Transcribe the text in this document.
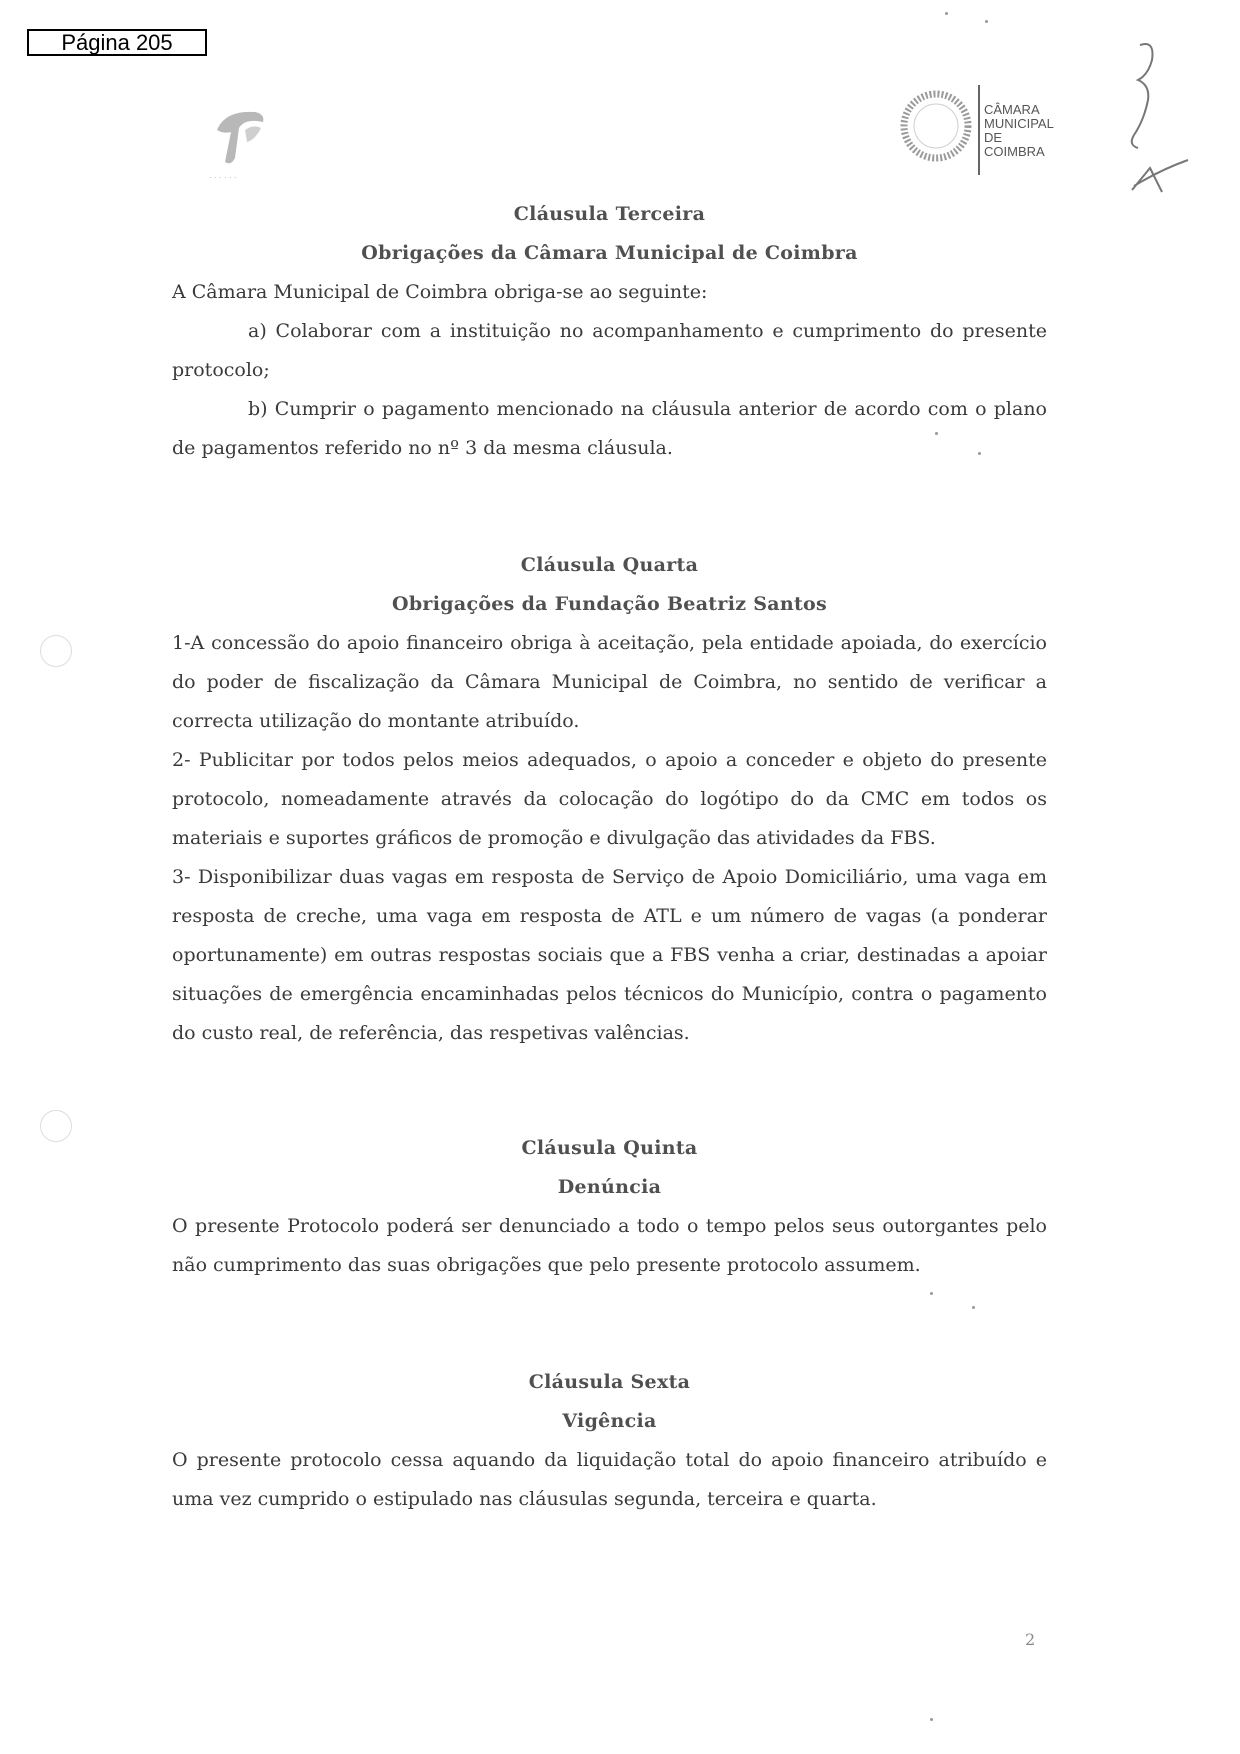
Página 205
. . . . . .
CÂMARA
MUNICIPAL
DE
COIMBRA
Cláusula Terceira
Obrigações da Câmara Municipal de Coimbra

A Câmara Municipal de Coimbra obriga-se ao seguinte:

a) Colaborar com a instituição no acompanhamento e cumprimento do presente protocolo;

b) Cumprir o pagamento mencionado na cláusula anterior de acordo com o plano de pagamentos referido no nº 3 da mesma cláusula.

Cláusula Quarta
Obrigações da Fundação Beatriz Santos

1-A concessão do apoio financeiro obriga à aceitação, pela entidade apoiada, do exercício do poder de fiscalização da Câmara Municipal de Coimbra, no sentido de verificar a correcta utilização do montante atribuído.

2- Publicitar por todos pelos meios adequados, o apoio a conceder e objeto do presente protocolo, nomeadamente através da colocação do logótipo do da CMC em todos os materiais e suportes gráficos de promoção e divulgação das atividades da FBS.

3- Disponibilizar duas vagas em resposta de Serviço de Apoio Domiciliário, uma vaga em resposta de creche, uma vaga em resposta de ATL e um número de vagas (a ponderar oportunamente) em outras respostas sociais que a FBS venha a criar, destinadas a apoiar situações de emergência encaminhadas pelos técnicos do Município, contra o pagamento do custo real, de referência, das respetivas valências.

Cláusula Quinta
Denúncia

O presente Protocolo poderá ser denunciado a todo o tempo pelos seus outorgantes pelo não cumprimento das suas obrigações que pelo presente protocolo assumem.

Cláusula Sexta
Vigência

O presente protocolo cessa aquando da liquidação total do apoio financeiro atribuído e uma vez cumprido o estipulado nas cláusulas segunda, terceira e quarta.

2
